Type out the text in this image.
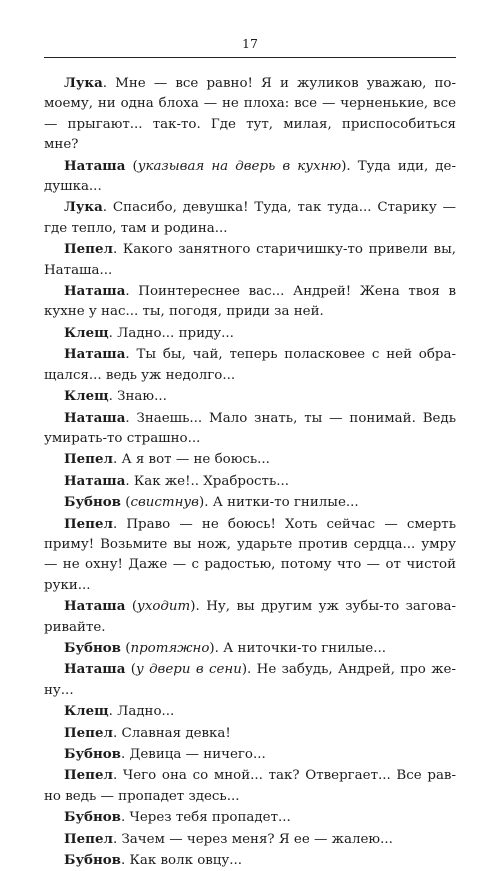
17

Лука. Мне — все равно! Я и жуликов уважаю, помоему, ни одна блоха — не плоха: все — черненькие, все — прыгают... так-то. Где тут, милая, приспособиться мне?

Наташа (указывая на дверь в кухню). Туда иди, дедушка...

Лука. Спасибо, девушка! Туда, так туда... Старику — где тепло, там и родина...

Пепел. Какого занятного старичишку-то привели вы, Наташа...

Наташа. Поинтереснее вас... Андрей! Жена твоя в кухне у нас... ты, погодя, приди за ней.

Клещ. Ладно... приду...

Наташа. Ты бы, чай, теперь поласковее с ней обращался... ведь уж недолго...

Клещ. Знаю...

Наташа. Знаешь... Мало знать, ты — понимай. Ведь умирать-то страшно...

Пепел. А я вот — не боюсь...

Наташа. Как же!.. Храбрость...

Бубнов (свистнув). А нитки-то гнилые...

Пепел. Право — не боюсь! Хоть сейчас — смерть приму! Возьмите вы нож, ударьте против сердца... умру — не охну! Даже — с радостью, потому что — от чистой руки...

Наташа (уходит). Ну, вы другим уж зубы-то заговаривайте.

Бубнов (протяжно). А ниточки-то гнилые...

Наташа (у двери в сени). Не забудь, Андрей, про жену...

Клещ. Ладно...

Пепел. Славная девка!

Бубнов. Девица — ничего...

Пепел. Чего она со мной... так? Отвергает... Все равно ведь — пропадет здесь...

Бубнов. Через тебя пропадет...

Пепел. Зачем — через меня? Я ее — жалею...

Бубнов. Как волк овцу...
